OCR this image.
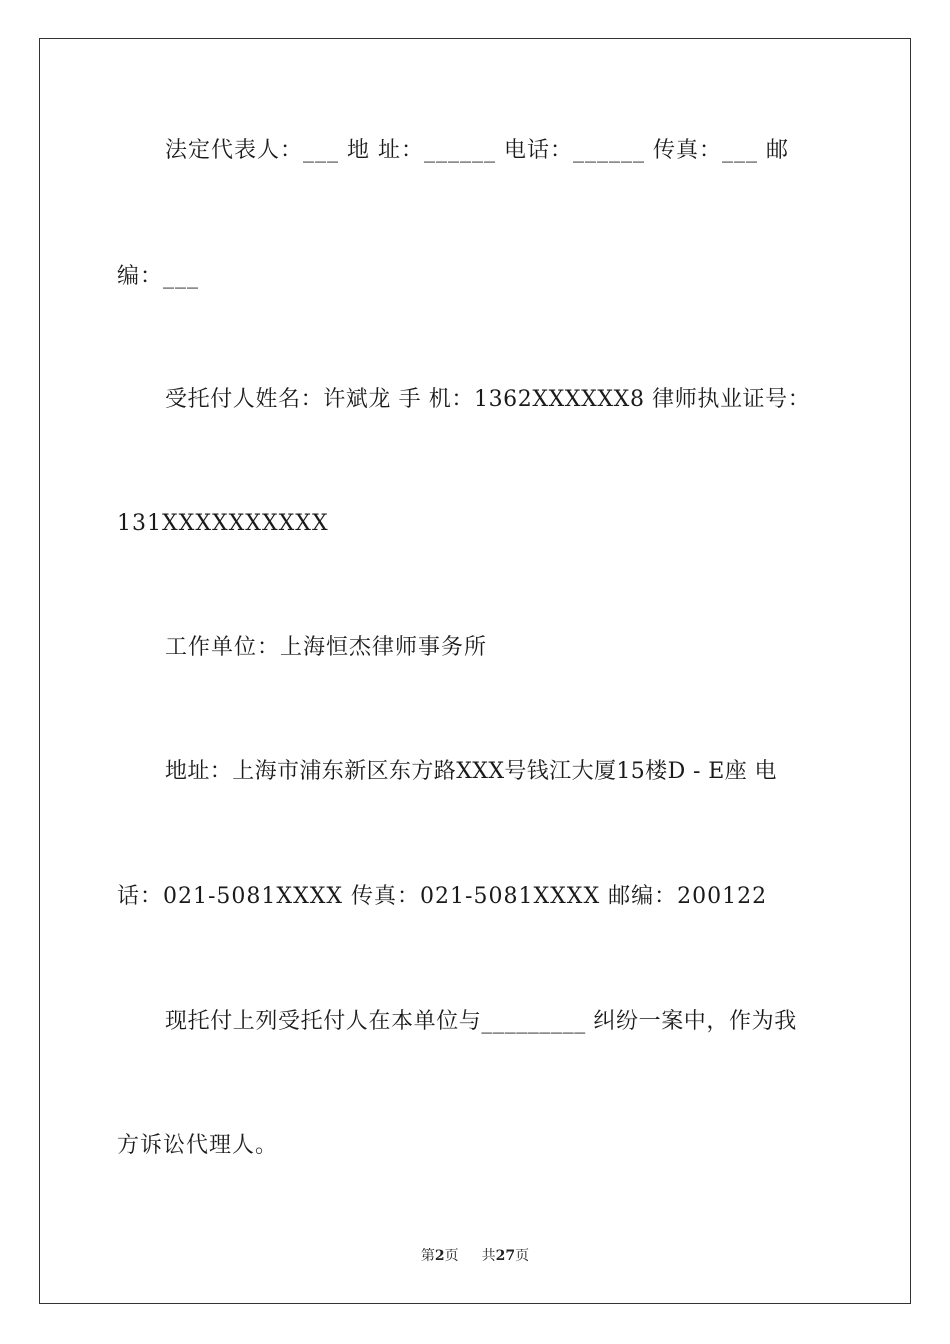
法定代表人：___ 地 址：______ 电话：______ 传真：___ 邮
编：___
受托付人姓名：许斌龙 手 机：1362XXXXXX8 律师执业证号：
131XXXXXXXXXX
工作单位：上海恒杰律师事务所
地址：上海市浦东新区东方路XXX号钱江大厦15楼D - E座 电
话：021-5081XXXX 传真：021-5081XXXX 邮编：200122
现托付上列受托付人在本单位与_________ 纠纷一案中，作为我
方诉讼代理人。
第2页 共27页
